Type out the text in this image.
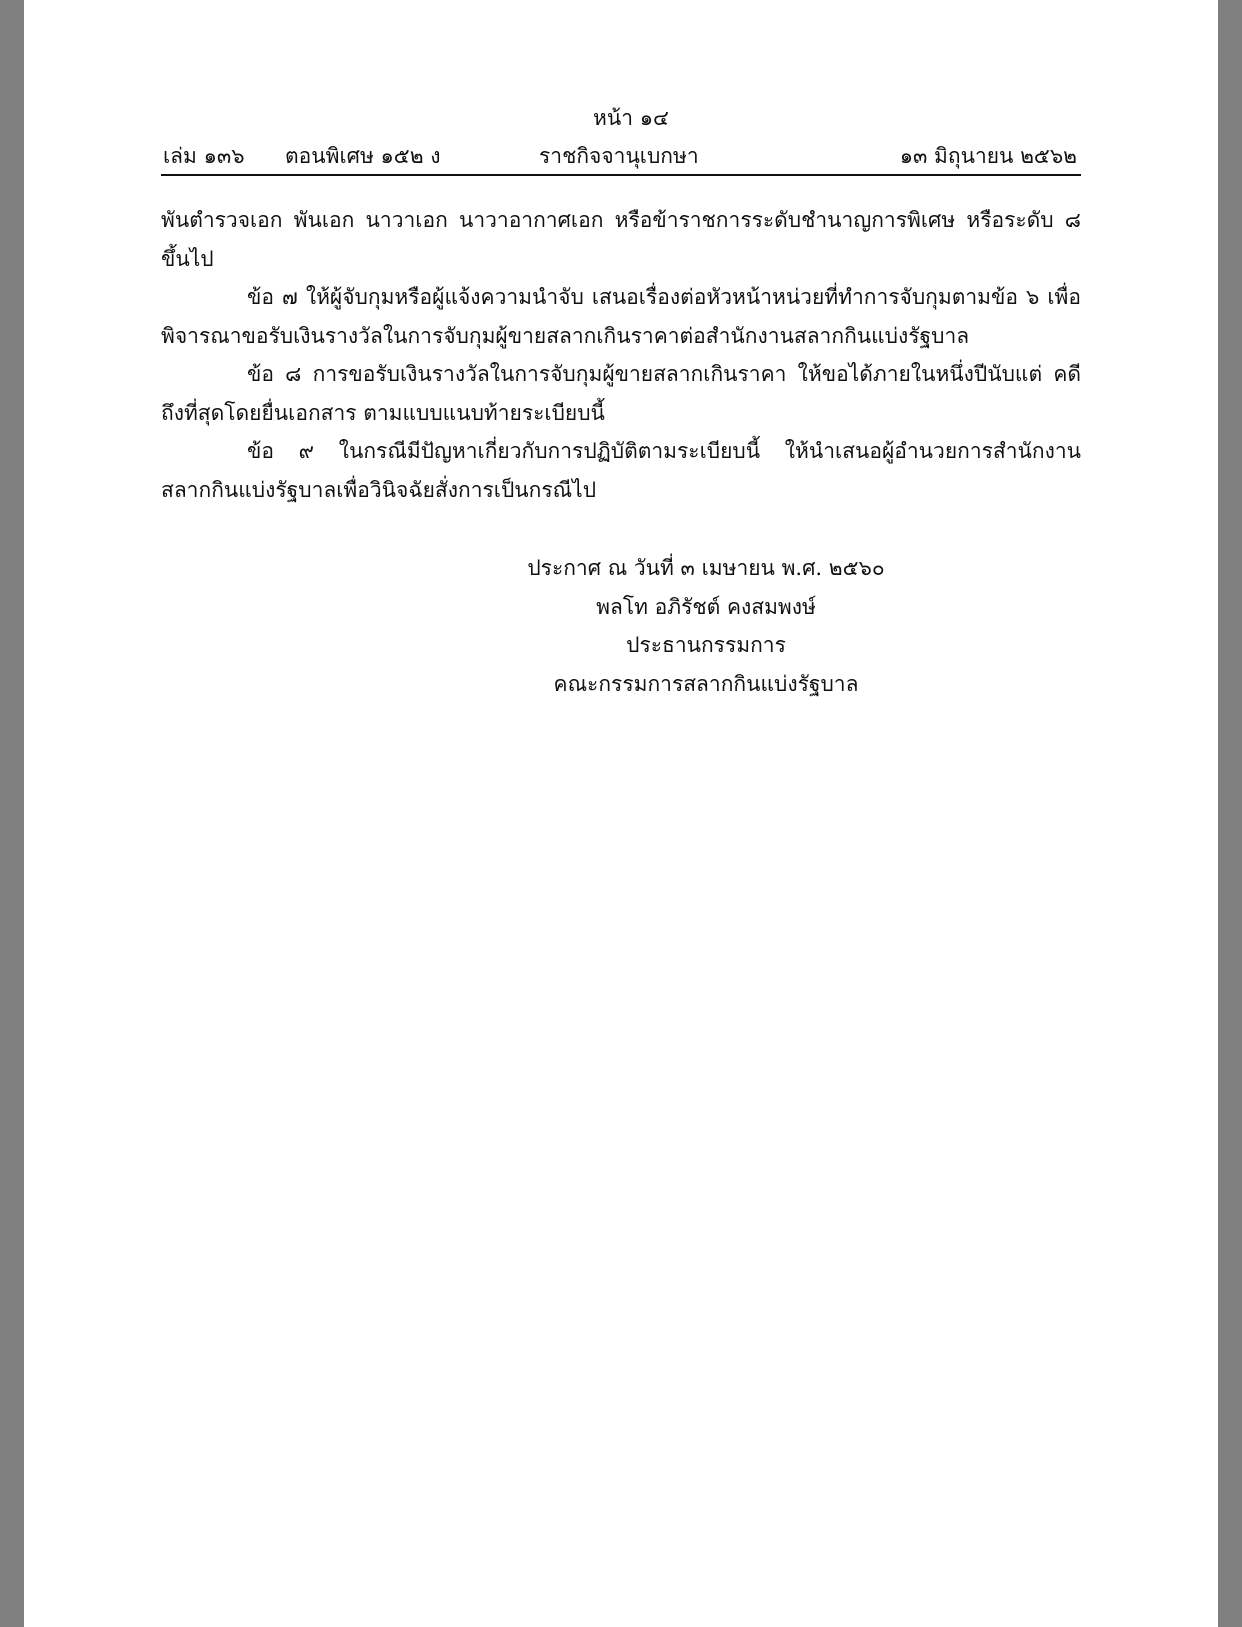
หน้า ๑๔
เล่ม ๑๓๖ ตอนพิเศษ ๑๕๒ ง	ราชกิจจานุเบกษา	๑๓ มิถุนายน ๒๕๖๒

พันตำรวจเอก พันเอก นาวาเอก นาวาอากาศเอก หรือข้าราชการระดับชำนาญการพิเศษ หรือระดับ ๘ ขึ้นไป

ข้อ ๗ ให้ผู้จับกุมหรือผู้แจ้งความนำจับ เสนอเรื่องต่อหัวหน้าหน่วยที่ทำการจับกุมตามข้อ ๖ เพื่อพิจารณาขอรับเงินรางวัลในการจับกุมผู้ขายสลากเกินราคาต่อสำนักงานสลากกินแบ่งรัฐบาล

ข้อ ๘ การขอรับเงินรางวัลในการจับกุมผู้ขายสลากเกินราคา ให้ขอได้ภายในหนึ่งปีนับแต่ คดีถึงที่สุดโดยยื่นเอกสาร ตามแบบแนบท้ายระเบียบนี้

ข้อ ๙ ในกรณีมีปัญหาเกี่ยวกับการปฏิบัติตามระเบียบนี้ ให้นำเสนอผู้อำนวยการสำนักงาน สลากกินแบ่งรัฐบาลเพื่อวินิจฉัยสั่งการเป็นกรณีไป

ประกาศ ณ วันที่ ๓ เมษายน พ.ศ. ๒๕๖๐
พลโท อภิรัชต์ คงสมพงษ์
ประธานกรรมการ
คณะกรรมการสลากกินแบ่งรัฐบาล
